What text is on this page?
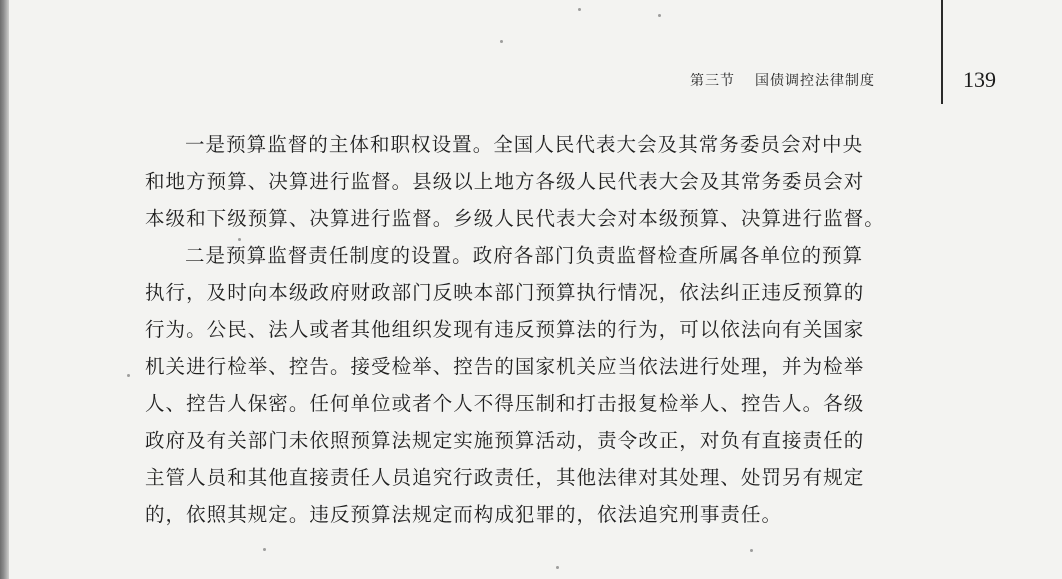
第三节 国债调控法律制度	139

一是预算监督的主体和职权设置。全国人民代表大会及其常务委员会对中央

和地方预算、决算进行监督。县级以上地方各级人民代表大会及其常务委员会对

本级和下级预算、决算进行监督。乡级人民代表大会对本级预算、决算进行监督。

二是预算监督责任制度的设置。政府各部门负责监督检查所属各单位的预算

执行，及时向本级政府财政部门反映本部门预算执行情况，依法纠正违反预算的

行为。公民、法人或者其他组织发现有违反预算法的行为，可以依法向有关国家

机关进行检举、控告。接受检举、控告的国家机关应当依法进行处理，并为检举

人、控告人保密。任何单位或者个人不得压制和打击报复检举人、控告人。各级

政府及有关部门未依照预算法规定实施预算活动，责令改正，对负有直接责任的

主管人员和其他直接责任人员追究行政责任，其他法律对其处理、处罚另有规定

的，依照其规定。违反预算法规定而构成犯罪的，依法追究刑事责任。
